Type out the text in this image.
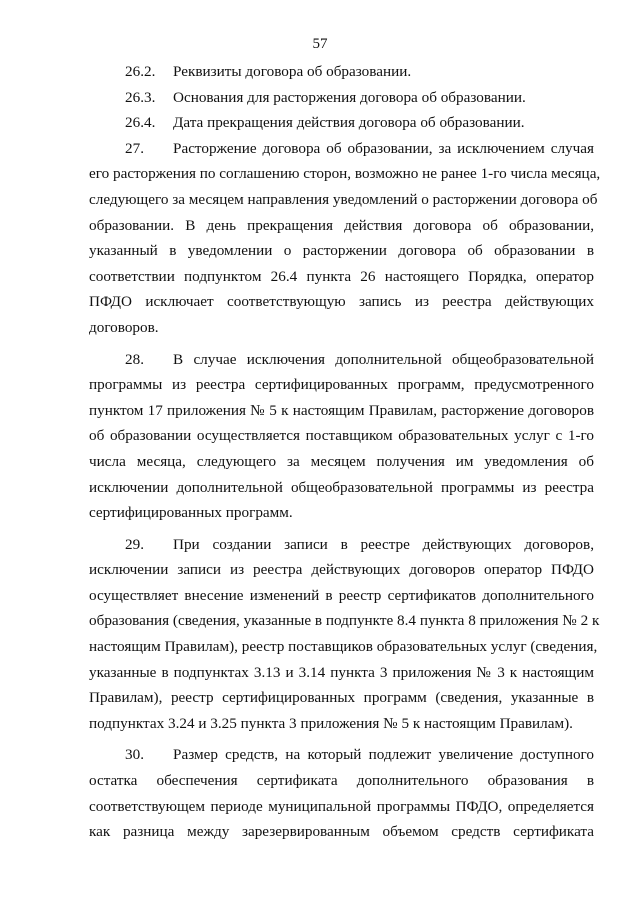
57
26.2. Реквизиты договора об образовании.
26.3. Основания для расторжения договора об образовании.
26.4. Дата прекращения действия договора об образовании.
27. Расторжение договора об образовании, за исключением случая
его расторжения по соглашению сторон, возможно не ранее 1-го числа месяца,
следующего за месяцем направления уведомлений о расторжении договора об
образовании. В день прекращения действия договора об образовании,
указанный в уведомлении о расторжении договора об образовании в
соответствии подпунктом 26.4 пункта 26 настоящего Порядка, оператор
ПФДО исключает соответствующую запись из реестра действующих
договоров.
28. В случае исключения дополнительной общеобразовательной
программы из реестра сертифицированных программ, предусмотренного
пунктом 17 приложения № 5 к настоящим Правилам, расторжение договоров
об образовании осуществляется поставщиком образовательных услуг с 1-го
числа месяца, следующего за месяцем получения им уведомления об
исключении дополнительной общеобразовательной программы из реестра
сертифицированных программ.
29. При создании записи в реестре действующих договоров,
исключении записи из реестра действующих договоров оператор ПФДО
осуществляет внесение изменений в реестр сертификатов дополнительного
образования (сведения, указанные в подпункте 8.4 пункта 8 приложения № 2 к
настоящим Правилам), реестр поставщиков образовательных услуг (сведения,
указанные в подпунктах 3.13 и 3.14 пункта 3 приложения № 3 к настоящим
Правилам), реестр сертифицированных программ (сведения, указанные в
подпунктах 3.24 и 3.25 пункта 3 приложения № 5 к настоящим Правилам).
30. Размер средств, на который подлежит увеличение доступного
остатка обеспечения сертификата дополнительного образования в
соответствующем периоде муниципальной программы ПФДО, определяется
как разница между зарезервированным объемом средств сертификата
